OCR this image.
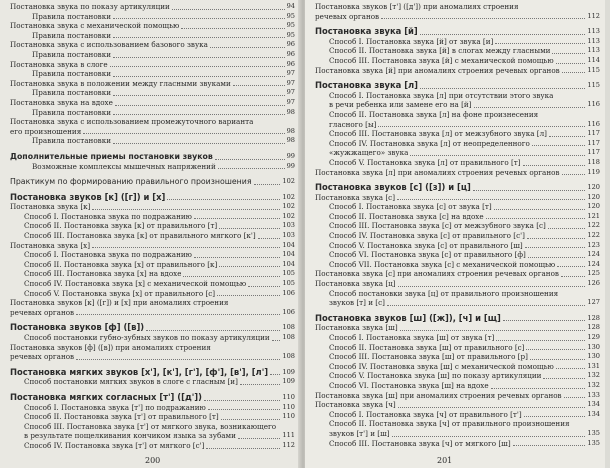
Постановка звука по показу артикуляции	94
Правила постановки	95
Постановка звука с механической помощью	95
Правила постановки	95
Постановка звука с использованием базового звука	96
Правила постановки	96
Постановка звука в слоге	96
Правила постановки	97
Постановка звука в положении между гласными звуками	97
Правила постановки	97
Постановка звука на вдохе	97
Правила постановки	98
Постановка звука с использованием промежуточного варианта
его произношения	98
Правила постановки	98
Дополнительные приемы постановки звуков	99
Возможные комплексы мышечных напряжений	99
Практикум по формированию правильного произношения	102
Постановка звуков [к] ([г]) и [х]	102
Постановка звука [к]	102
Способ I. Постановка звука по подражанию	102
Способ II. Постановка звука [к] от правильного [т]	103
Способ III. Постановка звука [к] от правильного мягкого [к']	103
Постановка звука [х]	104
Способ I. Постановка звука по подражанию	104
Способ II. Постановка звука [х] от правильного [к]	104
Способ III. Постановка звука [х] на вдохе	105
Способ IV. Постановка звука [х] с механической помощью	105
Способ V. Постановка звука [х] от правильного [с]	106
Постановка звуков [к] ([г]) и [х] при аномалиях строения
речевых органов	106
Постановка звуков [ф] ([в])	108
Способ постановки губно-зубных звуков по показу артикуляции 108
Постановка звуков [ф] ([в]) при аномалиях строения
речевых органов	108
Постановка мягких звуков [х'], [к'], [г'], [ф'], [в'], [л'] 109
Способ постановки мягких звуков в слоге с гласным [и]	109
Постановка мягких согласных [т'] ([д'])	110
Способ I. Постановка звука [т'] по подражанию	110
Способ II. Постановка звука [т'] от правильного [т]	110
Способ III. Постановка звука [т'] от мягкого звука, возникающего
в результате пощелкивания кончиком языка за зубами	111
Способ IV. Постановка звука [т'] от мягкого [с']	112
200
Постановка звуков [т'] ([д']) при аномалиях строения
речевых органов	112
Постановка звука [й]	113
Способ I. Постановка звука [й] от звука [и]	113
Способ II. Постановка звука [й] в слогах между гласными	113
Способ III. Постановка звука [й] с механической помощью	114
Постановка звука [й] при аномалиях строения речевых органов	115
Постановка звука [л]	115
Способ I. Постановка звука [л] при отсутствии этого звука
в речи ребенка или замене его на [й]	116
Способ II. Постановка звука [л] на фоне произнесения
гласного [ы]	116
Способ III. Постановка звука [л] от межзубного звука [л]	117
Способ IV. Постановка звука [л] от неопределенного	117
«жужжащего» звука	117
Способ V. Постановка звука [л] от правильного [т]	118
Постановка звука [л] при аномалиях строения речевых органов	119
Постановка звуков [с] ([з]) и [ц]	120
Постановка звука [с]	120
Способ I. Постановка звука [с] от звука [т]	120
Способ II. Постановка звука [с] на вдохе	121
Способ III. Постановка звука [с] от межзубного звука [с]	122
Способ IV. Постановка звука [с] от правильного [с']	122
Способ V. Постановка звука [с] от правильного [ш]	123
Способ VI. Постановка звука [с] от правильного [ф]	124
Способ VII. Постановка звука [с] с механической помощью	124
Постановка звука [с] при аномалиях строения речевых органов	125
Постановка звука [ц]	126
Способ постановки звука [ц] от правильного произношения
звуков [т] и [с]	127
Постановка звуков [ш] ([ж]), [ч] и [щ]	128
Постановка звука [ш]	128
Способ I. Постановка звука [ш] от звука [т]	129
Способ II. Постановка звука [ш] от правильного [с]	130
Способ III. Постановка звука [ш] от правильного [р]	130
Способ IV. Постановка звука [ш] с механической помощью	131
Способ V. Постановка звука [ш] по показу артикуляции	132
Способ VI. Постановка звука [ш] на вдохе	132
Постановка звука [ш] при аномалиях строения речевых органов	133
Постановка звука [ч]	134
Способ I. Постановка звука [ч] от правильного [т']	134
Способ II. Постановка звука [ч] от правильного произношения
звуков [т'] и [ш]	135
Способ III. Постановка звука [ч] от мягкого [ш]	135
201
